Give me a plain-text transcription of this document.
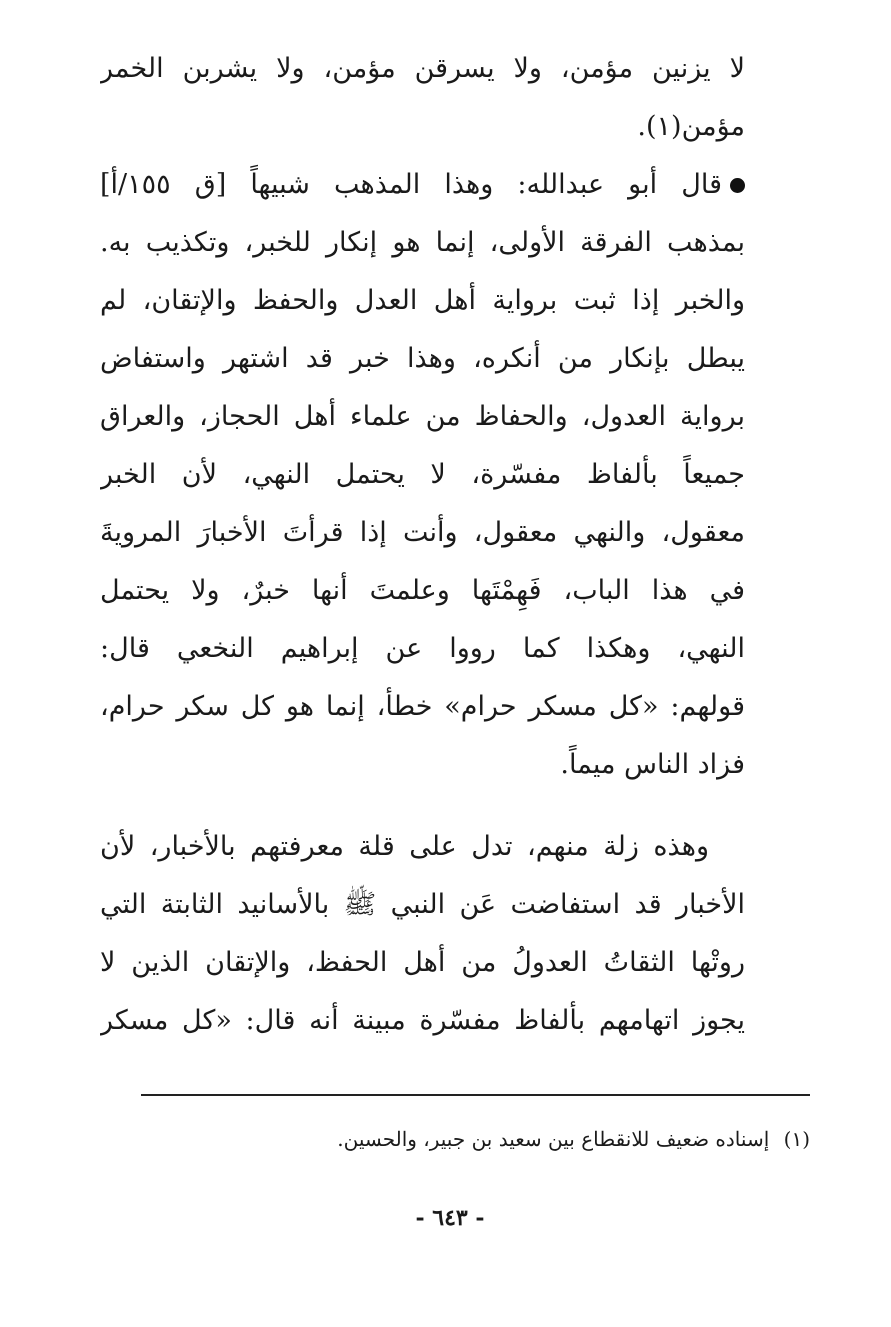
لا يزنين مؤمن، ولا يسرقن مؤمن، ولا يشربن الخمر
مؤمن(١).
قال أبو عبدالله: وهذا المذهب شبيهاً [ق ١٥٥/أ]
بمذهب الفرقة الأولى، إنما هو إنكار للخبر، وتكذيب به.
والخبر إذا ثبت برواية أهل العدل والحفظ والإتقان، لم
يبطل بإنكار من أنكره، وهذا خبر قد اشتهر واستفاض
برواية العدول، والحفاظ من علماء أهل الحجاز، والعراق
جميعاً بألفاظ مفسّرة، لا يحتمل النهي، لأن الخبر
معقول، والنهي معقول، وأنت إذا قرأتَ الأخبارَ المرويةَ
في هذا الباب، فَهِمْتَها وعلمتَ أنها خبرٌ، ولا يحتمل
النهي، وهكذا كما رووا عن إبراهيم النخعي قال:
قولهم: «كل مسكر حرام» خطأ، إنما هو كل سكر حرام،
فزاد الناس ميماً.
وهذه زلة منهم، تدل على قلة معرفتهم بالأخبار، لأن
الأخبار قد استفاضت عَن النبي ﷺ بالأسانيد الثابتة التي
روتْها الثقاتُ العدولُ من أهل الحفظ، والإتقان الذين لا
يجوز اتهامهم بألفاظ مفسّرة مبينة أنه قال: «كل مسكر
(١) إسناده ضعيف للانقطاع بين سعيد بن جبير، والحسين.
- ٦٤٣ -
